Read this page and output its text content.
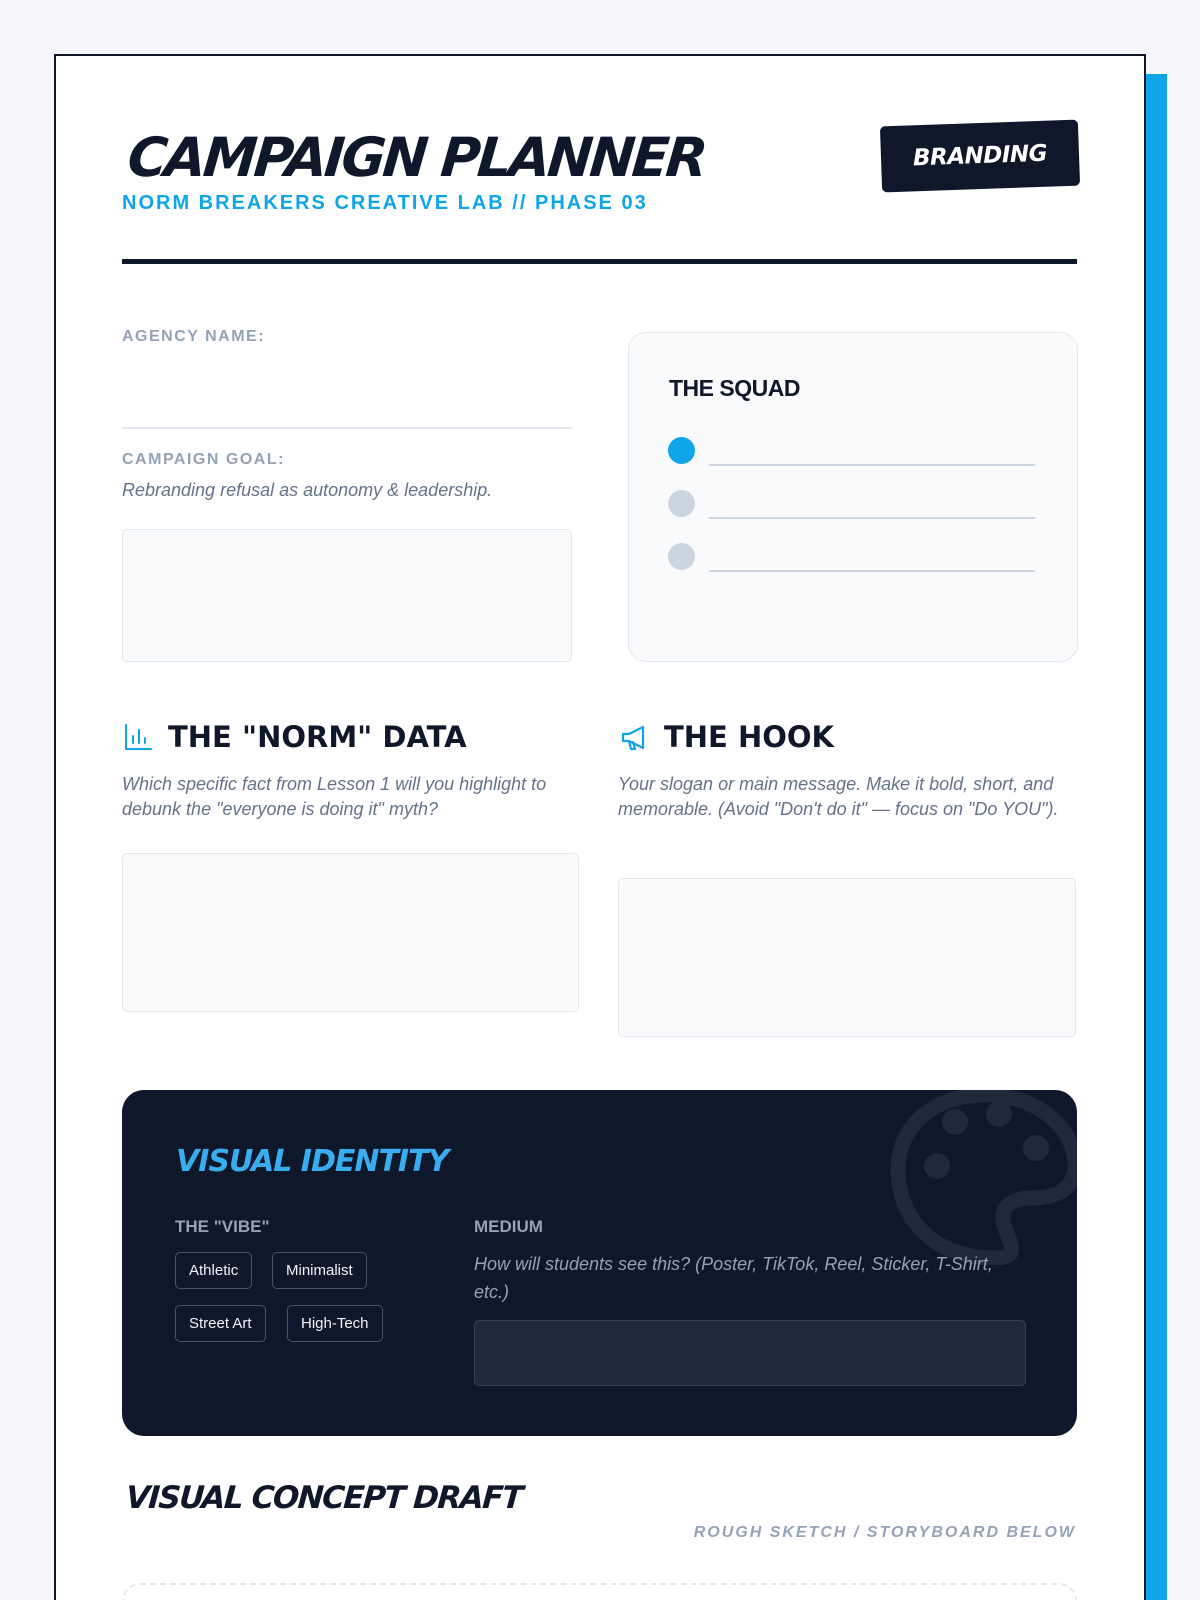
CAMPAIGN PLANNER
NORM BREAKERS CREATIVE LAB // PHASE 03
BRANDING
AGENCY NAME:
CAMPAIGN GOAL:
Rebranding refusal as autonomy & leadership.
THE SQUAD
THE "NORM" DATA
Which specific fact from Lesson 1 will you highlight to debunk the "everyone is doing it" myth?
THE HOOK
Your slogan or main message. Make it bold, short, and memorable. (Avoid "Don't do it" — focus on "Do YOU").
VISUAL IDENTITY
THE "VIBE"
Athletic	Minimalist
Street Art	High-Tech
MEDIUM
How will students see this? (Poster, TikTok, Reel, Sticker, T-Shirt, etc.)
VISUAL CONCEPT DRAFT
ROUGH SKETCH / STORYBOARD BELOW
